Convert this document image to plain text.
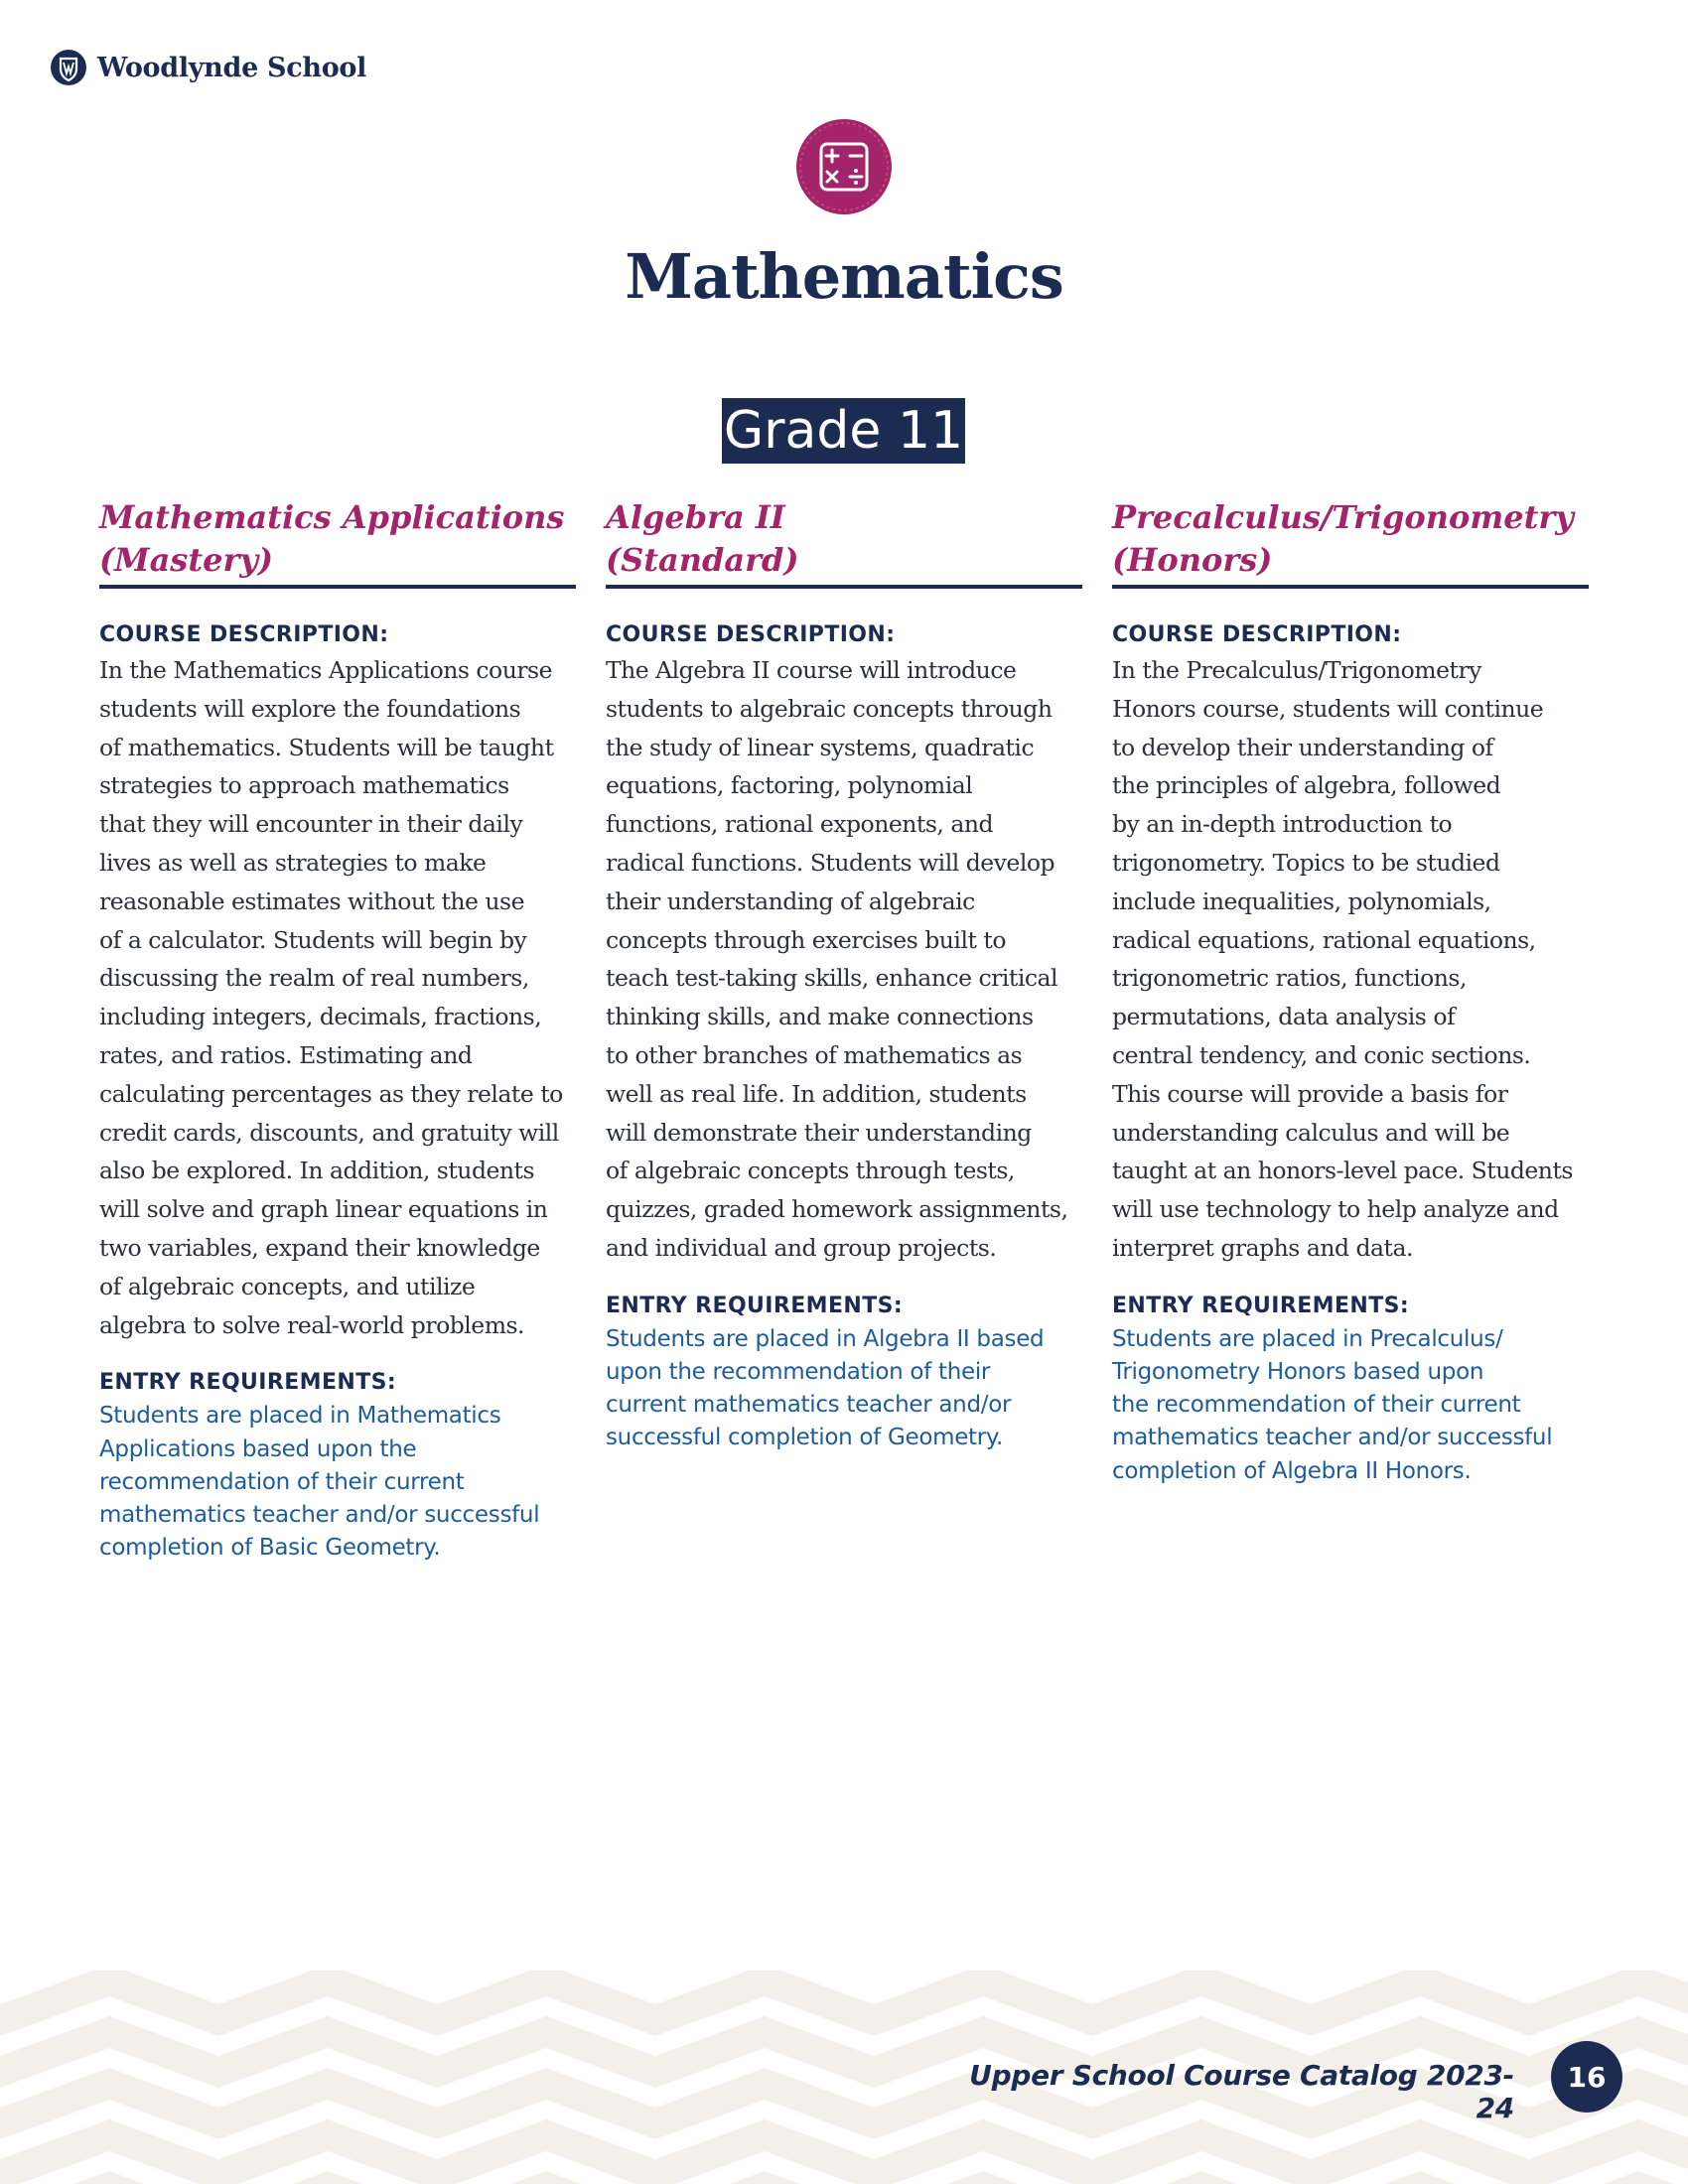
Woodlynde School
Mathematics
Grade 11
Mathematics Applications
(Mastery)
COURSE DESCRIPTION:
In the Mathematics Applications course
students will explore the foundations
of mathematics. Students will be taught
strategies to approach mathematics
that they will encounter in their daily
lives as well as strategies to make
reasonable estimates without the use
of a calculator. Students will begin by
discussing the realm of real numbers,
including integers, decimals, fractions,
rates, and ratios. Estimating and
calculating percentages as they relate to
credit cards, discounts, and gratuity will
also be explored. In addition, students
will solve and graph linear equations in
two variables, expand their knowledge
of algebraic concepts, and utilize
algebra to solve real-world problems.
ENTRY REQUIREMENTS:
Students are placed in Mathematics
Applications based upon the
recommendation of their current
mathematics teacher and/or successful
completion of Basic Geometry.
Algebra II
(Standard)
COURSE DESCRIPTION:
The Algebra II course will introduce
students to algebraic concepts through
the study of linear systems, quadratic
equations, factoring, polynomial
functions, rational exponents, and
radical functions. Students will develop
their understanding of algebraic
concepts through exercises built to
teach test-taking skills, enhance critical
thinking skills, and make connections
to other branches of mathematics as
well as real life. In addition, students
will demonstrate their understanding
of algebraic concepts through tests,
quizzes, graded homework assignments,
and individual and group projects.
ENTRY REQUIREMENTS:
Students are placed in Algebra II based
upon the recommendation of their
current mathematics teacher and/or
successful completion of Geometry.
Precalculus/Trigonometry
(Honors)
COURSE DESCRIPTION:
In the Precalculus/Trigonometry
Honors course, students will continue
to develop their understanding of
the principles of algebra, followed
by an in-depth introduction to
trigonometry. Topics to be studied
include inequalities, polynomials,
radical equations, rational equations,
trigonometric ratios, functions,
permutations, data analysis of
central tendency, and conic sections.
This course will provide a basis for
understanding calculus and will be
taught at an honors-level pace. Students
will use technology to help analyze and
interpret graphs and data.
ENTRY REQUIREMENTS:
Students are placed in Precalculus/
Trigonometry Honors based upon
the recommendation of their current
mathematics teacher and/or successful
completion of Algebra II Honors.
Upper School Course Catalog 2023-24
16
